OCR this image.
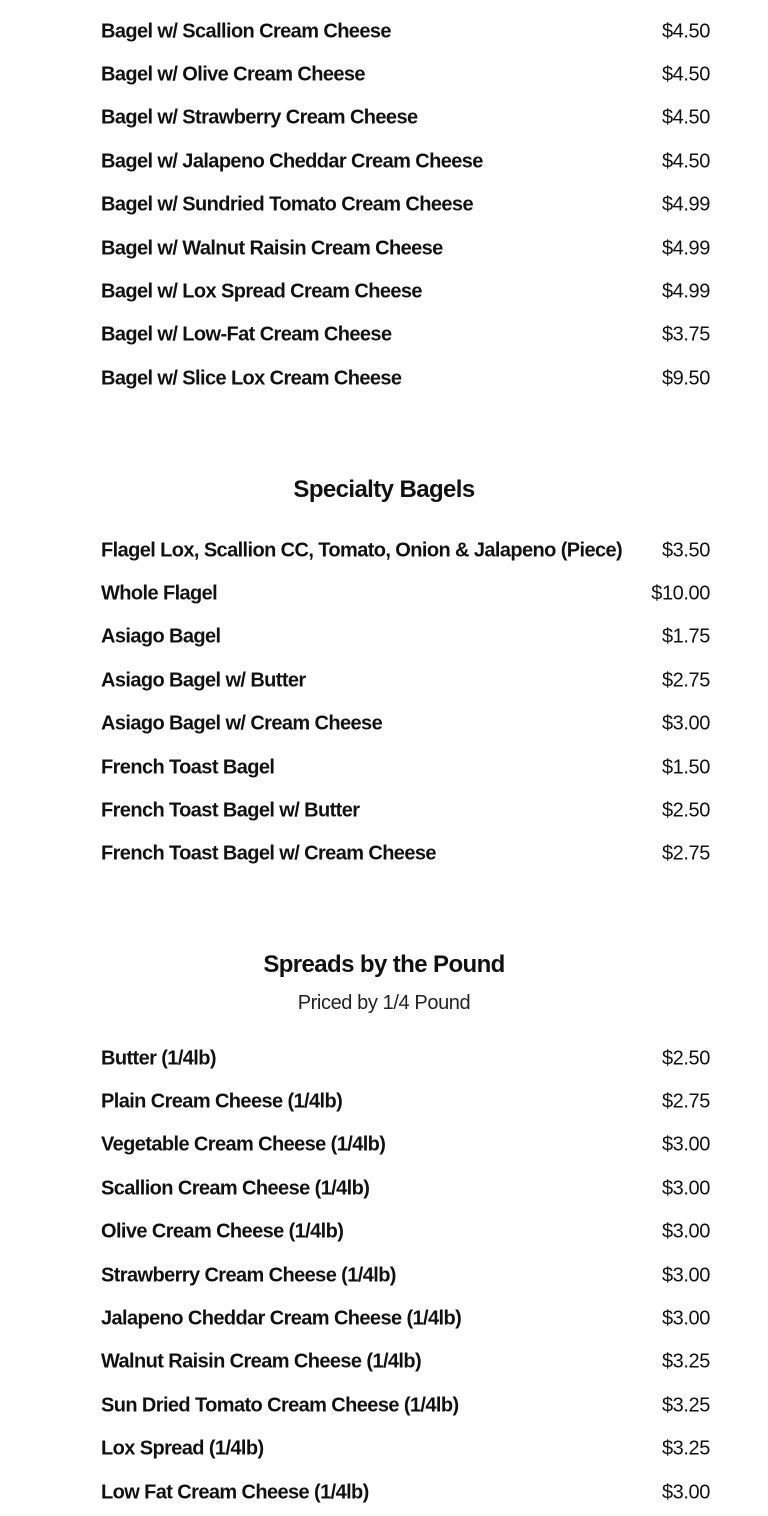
Bagel w/ Scallion Cream Cheese	$4.50
Bagel w/ Olive Cream Cheese	$4.50
Bagel w/ Strawberry Cream Cheese	$4.50
Bagel w/ Jalapeno Cheddar Cream Cheese	$4.50
Bagel w/ Sundried Tomato Cream Cheese	$4.99
Bagel w/ Walnut Raisin Cream Cheese	$4.99
Bagel w/ Lox Spread Cream Cheese	$4.99
Bagel w/ Low-Fat Cream Cheese	$3.75
Bagel w/ Slice Lox Cream Cheese	$9.50
Specialty Bagels
Flagel Lox, Scallion CC, Tomato, Onion & Jalapeno (Piece) $3.50
Whole Flagel	$10.00
Asiago Bagel	$1.75
Asiago Bagel w/ Butter	$2.75
Asiago Bagel w/ Cream Cheese	$3.00
French Toast Bagel	$1.50
French Toast Bagel w/ Butter	$2.50
French Toast Bagel w/ Cream Cheese	$2.75
Spreads by the Pound
Priced by 1/4 Pound
Butter (1/4lb)	$2.50
Plain Cream Cheese (1/4lb)	$2.75
Vegetable Cream Cheese (1/4lb)	$3.00
Scallion Cream Cheese (1/4lb)	$3.00
Olive Cream Cheese (1/4lb)	$3.00
Strawberry Cream Cheese (1/4lb)	$3.00
Jalapeno Cheddar Cream Cheese (1/4lb)	$3.00
Walnut Raisin Cream Cheese (1/4lb)	$3.25
Sun Dried Tomato Cream Cheese (1/4lb)	$3.25
Lox Spread (1/4lb)	$3.25
Low Fat Cream Cheese (1/4lb)	$3.00
